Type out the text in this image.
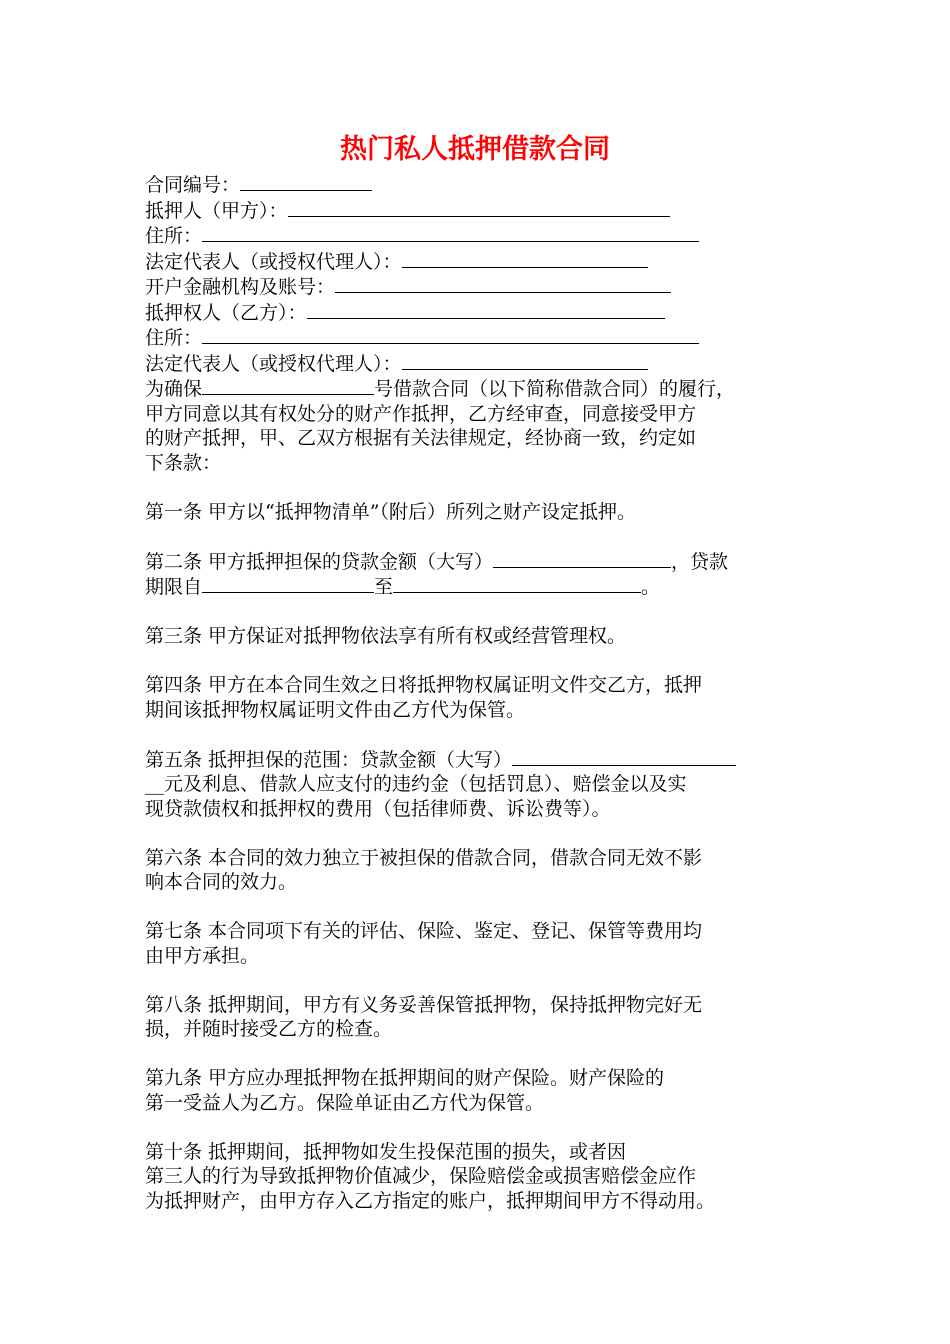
热门私人抵押借款合同
合同编号：
抵押人（甲方）：
住所：
法定代表人（或授权代理人）：
开户金融机构及账号：
抵押权人（乙方）：
住所：
法定代表人（或授权代理人）：
为确保	号借款合同（以下简称借款合同）的履行，
甲方同意以其有权处分的财产作抵押，乙方经审查，同意接受甲方
的财产抵押，甲、乙双方根据有关法律规定，经协商一致，约定如
下条款：
第一条 甲方以“抵押物清单”（附后）所列之财产设定抵押。
第二条 甲方抵押担保的贷款金额（大写）	，贷款
期限自	至	。
第三条 甲方保证对抵押物依法享有所有权或经营管理权。
第四条 甲方在本合同生效之日将抵押物权属证明文件交乙方，抵押
期间该抵押物权属证明文件由乙方代为保管。
第五条 抵押担保的范围：贷款金额（大写）
__元及利息、借款人应支付的违约金（包括罚息）、赔偿金以及实
现贷款债权和抵押权的费用（包括律师费、诉讼费等）。
第六条 本合同的效力独立于被担保的借款合同，借款合同无效不影
响本合同的效力。
第七条 本合同项下有关的评估、保险、鉴定、登记、保管等费用均
由甲方承担。
第八条 抵押期间，甲方有义务妥善保管抵押物，保持抵押物完好无
损，并随时接受乙方的检查。
第九条 甲方应办理抵押物在抵押期间的财产保险。财产保险的
第一受益人为乙方。保险单证由乙方代为保管。
第十条 抵押期间，抵押物如发生投保范围的损失，或者因
第三人的行为导致抵押物价值减少，保险赔偿金或损害赔偿金应作
为抵押财产，由甲方存入乙方指定的账户，抵押期间甲方不得动用。
